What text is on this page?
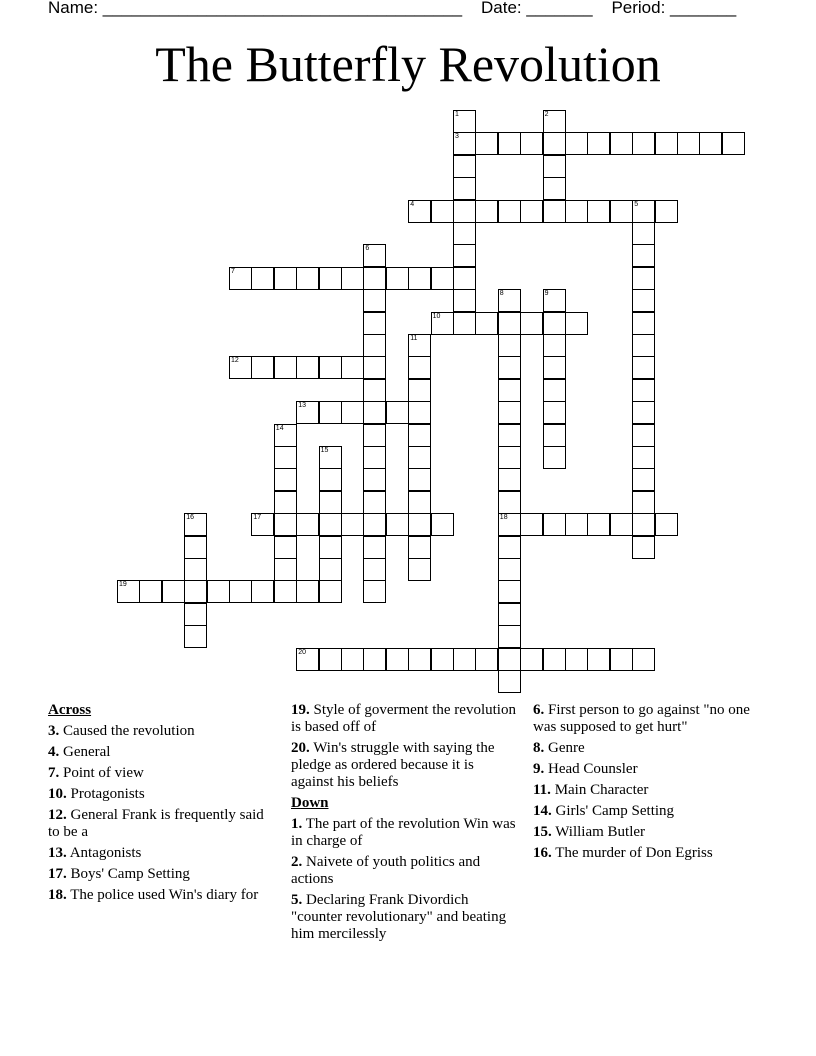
Name: ______________________________________ Date: _______ Period: _______
The Butterfly Revolution
3
4	5
7
10
12
13
17	18
19
20
1	2
6
8	9
11
14
15
16
Across
3. Caused the revolution
4. General
7. Point of view
10. Protagonists
12. General Frank is frequently said to be a
13. Antagonists
17. Boys' Camp Setting
18. The police used Win's diary for
19. Style of goverment the revolution is based off of
20. Win's struggle with saying the pledge as ordered because it is against his beliefs
Down
1. The part of the revolution Win was in charge of
2. Naivete of youth politics and actions
5. Declaring Frank Divordich "counter revolutionary" and beating him mercilessly
6. First person to go against "no one was supposed to get hurt"
8. Genre
9. Head Counsler
11. Main Character
14. Girls' Camp Setting
15. William Butler
16. The murder of Don Egriss
